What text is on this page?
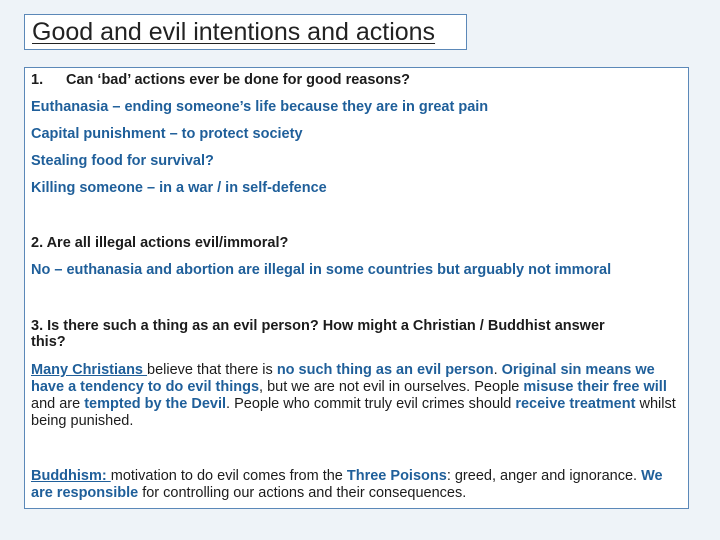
Good and evil intentions and actions
1. Can ‘bad’ actions ever be done for good reasons?
Euthanasia – ending someone’s life because they are in great pain
Capital punishment – to protect society
Stealing food for survival?
Killing someone – in a war / in self-defence
2. Are all illegal actions evil/immoral?
No – euthanasia and abortion are illegal in some countries but arguably not immoral
3. Is there such a thing as an evil person? How might a Christian / Buddhist answer
this?
Many Christians believe that there is no such thing as an evil person. Original sin means we have a tendency to do evil things, but we are not evil in ourselves. People misuse their free will and are tempted by the Devil. People who commit truly evil crimes should receive treatment whilst being punished.
Buddhism: motivation to do evil comes from the Three Poisons: greed, anger and ignorance. We are responsible for controlling our actions and their consequences.
